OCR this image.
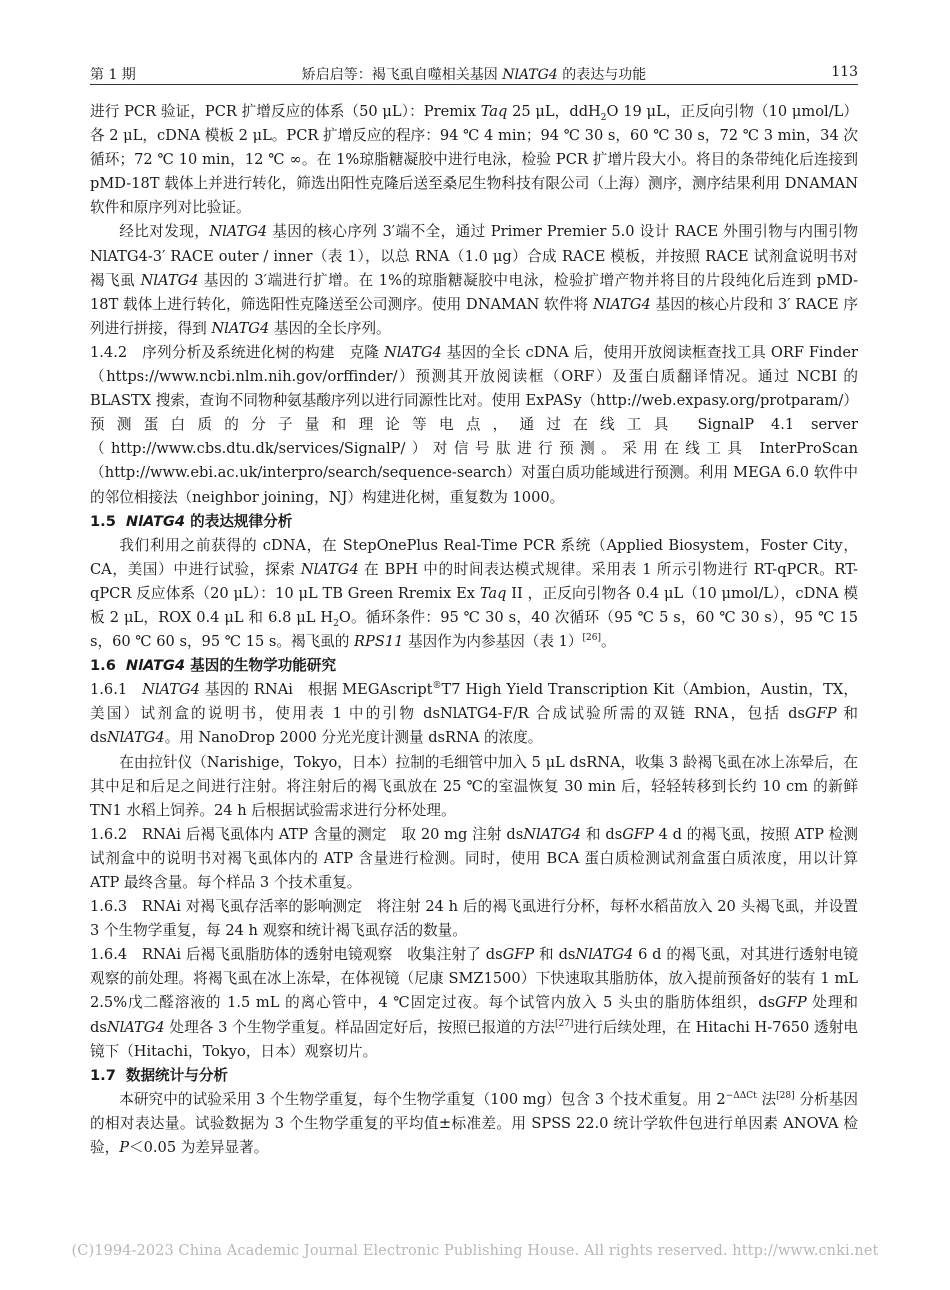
第 1 期	矫启启等：褐飞虱自噬相关基因 NlATG4 的表达与功能	113

进行 PCR 验证，PCR 扩增反应的体系（50 μL）：Premix Taq 25 μL，ddH$_2$O 19 μL，正反向引物（10 μmol/L）各 2 μL，cDNA 模板 2 μL。PCR 扩增反应的程序：94 ℃ 4 min；94 ℃ 30 s，60 ℃ 30 s，72 ℃ 3 min，34 次循环；72 ℃ 10 min，12 ℃ ∞。在 1%琼脂糖凝胶中进行电泳，检验 PCR 扩增片段大小。将目的条带纯化后连接到 pMD-18T 载体上并进行转化，筛选出阳性克隆后送至桑尼生物科技有限公司（上海）测序，测序结果利用 DNAMAN 软件和原序列对比验证。

经比对发现，NlATG4 基因的核心序列 3′端不全，通过 Primer Premier 5.0 设计 RACE 外围引物与内围引物 NlATG4-3′ RACE outer / inner（表 1），以总 RNA（1.0 μg）合成 RACE 模板，并按照 RACE 试剂盒说明书对褐飞虱 NlATG4 基因的 3′端进行扩增。在 1%的琼脂糖凝胶中电泳，检验扩增产物并将目的片段纯化后连到 pMD-18T 载体上进行转化，筛选阳性克隆送至公司测序。使用 DNAMAN 软件将 NlATG4 基因的核心片段和 3′ RACE 序列进行拼接，得到 NlATG4 基因的全长序列。

1.4.2　序列分析及系统进化树的构建　克隆 NlATG4 基因的全长 cDNA 后，使用开放阅读框查找工具 ORF Finder（https://www.ncbi.nlm.nih.gov/orffinder/）预测其开放阅读框（ORF）及蛋白质翻译情况。通过 NCBI 的 BLASTX 搜索，查询不同物种氨基酸序列以进行同源性比对。使用 ExPASy（http://web.expasy.org/protparam/）预测蛋白质的分子量和理论等电点，通过在线工具 SignalP 4.1 server（http://www.cbs.dtu.dk/services/SignalP/）对信号肽进行预测。采用在线工具 InterProScan（http://www.ebi.ac.uk/interpro/search/sequence-search）对蛋白质功能域进行预测。利用 MEGA 6.0 软件中的邻位相接法（neighbor joining，NJ）构建进化树，重复数为 1000。

1.5 NlATG4 的表达规律分析

我们利用之前获得的 cDNA，在 StepOnePlus Real-Time PCR 系统（Applied Biosystem，Foster City，CA，美国）中进行试验，探索 NlATG4 在 BPH 中的时间表达模式规律。采用表 1 所示引物进行 RT-qPCR。RT-qPCR 反应体系（20 μL）：10 μL TB Green Rremix Ex Taq II ，正反向引物各 0.4 μL（10 μmol/L），cDNA 模板 2 μL，ROX 0.4 μL 和 6.8 μL $H_2O$。循环条件：95 ℃ 30 s，40 次循环（95 ℃ 5 s，60 ℃ 30 s），95 ℃ 15 s，60 ℃ 60 s，95 ℃ 15 s。褐飞虱的 RPS11 基因作为内参基因（表 1）[26]。

1.6 NlATG4 基因的生物学功能研究

1.6.1　 NlATG4 基因的 RNAi　根据 MEGAscript®T7 High Yield Transcription Kit（Ambion，Austin，TX，美国）试剂盒的说明书，使用表 1 中的引物 dsNlATG4-F/R 合成试验所需的双链 RNA，包括 dsGFP 和 dsNlATG4。用 NanoDrop 2000 分光光度计测量 dsRNA 的浓度。

在由拉针仪（Narishige，Tokyo，日本）拉制的毛细管中加入 5 μL dsRNA，收集 3 龄褐飞虱在冰上冻晕后，在其中足和后足之间进行注射。将注射后的褐飞虱放在 25 ℃的室温恢复 30 min 后，轻轻转移到长约 10 cm 的新鲜 TN1 水稻上饲养。24 h 后根据试验需求进行分杯处理。

1.6.2　RNAi 后褐飞虱体内 ATP 含量的测定　取 20 mg 注射 dsNlATG4 和 dsGFP 4 d 的褐飞虱，按照 ATP 检测试剂盒中的说明书对褐飞虱体内的 ATP 含量进行检测。同时，使用 BCA 蛋白质检测试剂盒蛋白质浓度，用以计算 ATP 最终含量。每个样品 3 个技术重复。

1.6.3　RNAi 对褐飞虱存活率的影响测定　将注射 24 h 后的褐飞虱进行分杯，每杯水稻苗放入 20 头褐飞虱，并设置 3 个生物学重复，每 24 h 观察和统计褐飞虱存活的数量。

1.6.4　RNAi 后褐飞虱脂肪体的透射电镜观察　收集注射了 dsGFP 和 dsNlATG4 6 d 的褐飞虱，对其进行透射电镜观察的前处理。将褐飞虱在冰上冻晕，在体视镜（尼康 SMZ1500）下快速取其脂肪体，放入提前预备好的装有 1 mL 2.5%戊二醛溶液的 1.5 mL 的离心管中，4 ℃固定过夜。每个试管内放入 5 头虫的脂肪体组织，dsGFP 处理和 dsNlATG4 处理各 3 个生物学重复。样品固定好后，按照已报道的方法[27]进行后续处理，在 Hitachi H-7650 透射电镜下（Hitachi，Tokyo，日本）观察切片。

1.7 数据统计与分析

本研究中的试验采用 3 个生物学重复，每个生物学重复（100 mg）包含 3 个技术重复。用 $2^{-\Delta\Delta Ct}$ 法[28] 分析基因的相对表达量。试验数据为 3 个生物学重复的平均值±标准差。用 SPSS 22.0 统计学软件包进行单因素 ANOVA 检验，P＜0.05 为差异显著。

(C)1994-2023 China Academic Journal Electronic Publishing House. All rights reserved. http://www.cnki.net
